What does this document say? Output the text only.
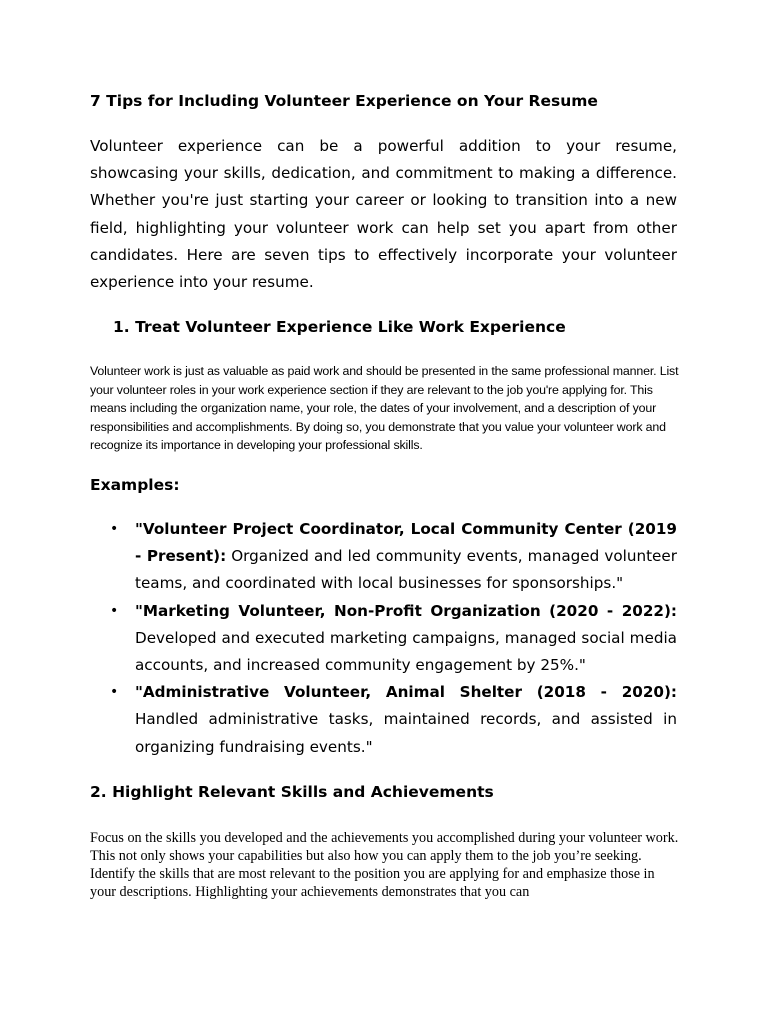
7 Tips for Including Volunteer Experience on Your Resume

Volunteer experience can be a powerful addition to your resume, showcasing your skills, dedication, and commitment to making a difference. Whether you're just starting your career or looking to transition into a new field, highlighting your volunteer work can help set you apart from other candidates. Here are seven tips to effectively incorporate your volunteer experience into your resume.

1. Treat Volunteer Experience Like Work Experience

Volunteer work is just as valuable as paid work and should be presented in the same professional manner. List your volunteer roles in your work experience section if they are relevant to the job you're applying for. This means including the organization name, your role, the dates of your involvement, and a description of your responsibilities and accomplishments. By doing so, you demonstrate that you value your volunteer work and recognize its importance in developing your professional skills.

Examples:
• "Volunteer Project Coordinator, Local Community Center (2019 - Present): Organized and led community events, managed volunteer teams, and coordinated with local businesses for sponsorships."
• "Marketing Volunteer, Non-Profit Organization (2020 - 2022): Developed and executed marketing campaigns, managed social media accounts, and increased community engagement by 25%."
• "Administrative Volunteer, Animal Shelter (2018 - 2020): Handled administrative tasks, maintained records, and assisted in organizing fundraising events."
2. Highlight Relevant Skills and Achievements

Focus on the skills you developed and the achievements you accomplished during your volunteer work. This not only shows your capabilities but also how you can apply them to the job you’re seeking. Identify the skills that are most relevant to the position you are applying for and emphasize those in your descriptions. Highlighting your achievements demonstrates that you can
